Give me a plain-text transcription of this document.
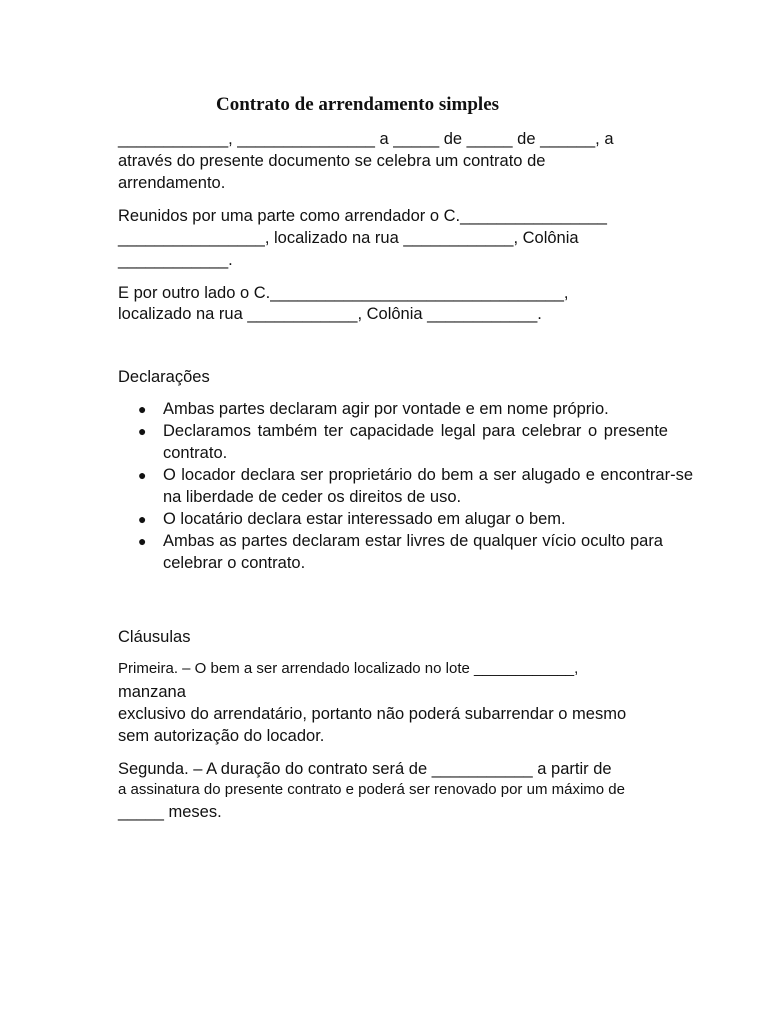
Contrato de arrendamento simples

____________, _______________ a _____ de _____ de ______, a

através do presente documento se celebra um contrato de

arrendamento.

Reunidos por uma parte como arrendador o C.________________

________________, localizado na rua ____________, Colônia

____________.

E por outro lado o C.________________________________,

localizado na rua ____________, Colônia ____________.

Declarações

● Ambas partes declaram agir por vontade e em nome próprio.
● Declaramos também ter capacidade legal para celebrar o presente contrato.
● O locador declara ser proprietário do bem a ser alugado e encontrar-se na liberdade de ceder os direitos de uso.
● O locatário declara estar interessado em alugar o bem.
● Ambas as partes declaram estar livres de qualquer vício oculto para celebrar o contrato.

Cláusulas

Primeira. – O bem a ser arrendado localizado no lote ____________,

manzana

exclusivo do arrendatário, portanto não poderá subarrendar o mesmo

sem autorização do locador.

Segunda. – A duração do contrato será de ___________ a partir de

a assinatura do presente contrato e poderá ser renovado por um máximo de

_____ meses.
